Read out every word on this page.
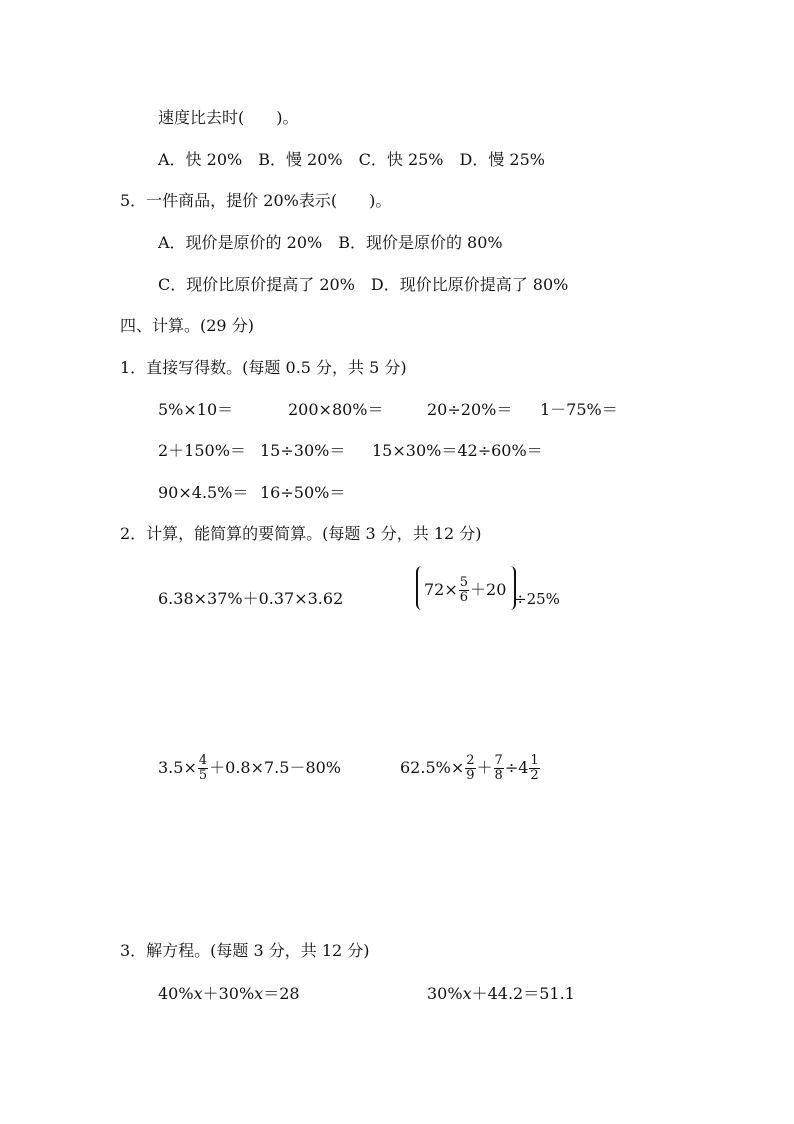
速度比去时(　　)。
A．快 20%　B．慢 20%　C．快 25%　D．慢 25%
5．一件商品，提价 20%表示(　　)。
A．现价是原价的 20%　B．现价是原价的 80%
C．现价比原价提高了 20%　D．现价比原价提高了 80%
四、计算。(29 分)
1．直接写得数。(每题 0.5 分，共 5 分)
5%×10＝	200×80%＝	20÷20%＝ 1－75%＝
2＋150%＝ 15÷30%＝ 15×30%＝42÷60%＝
90×4.5%＝ 16÷50%＝
2．计算，能简算的要简算。(每题 3 分，共 12 分)
6.38×37%＋0.37×3.62	$72\times \frac{5}{6} +20 \div 25\%$
$3.5\times \frac{4}{5} +0.8\times 7.5-80\%$	$62.5\%\times \frac{2}{9} + \frac{7}{8} \div 4 \frac{1}{2}$
3．解方程。(每题 3 分，共 12 分)
40%x＋30%x＝28	30%x＋44.2＝51.1
